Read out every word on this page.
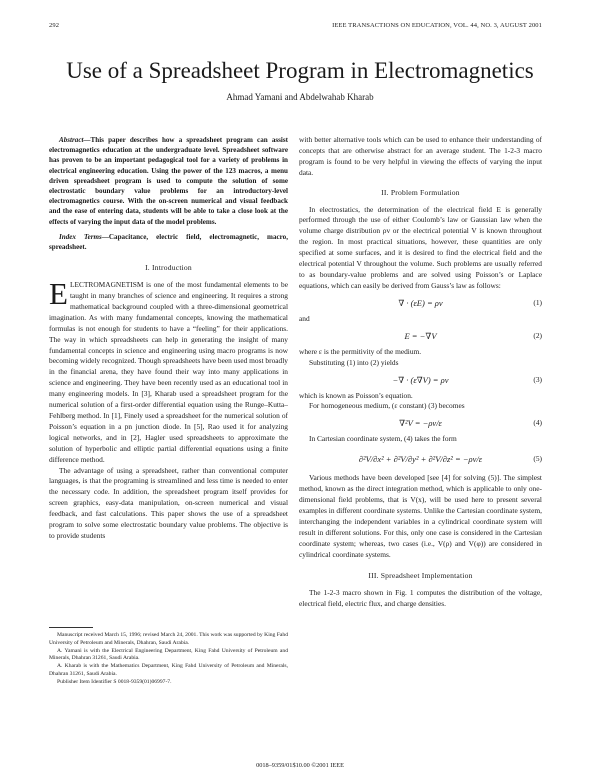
292	IEEE TRANSACTIONS ON EDUCATION, VOL. 44, NO. 3, AUGUST 2001
Use of a Spreadsheet Program in Electromagnetics
Ahmad Yamani and Abdelwahab Kharab

Abstract—This paper describes how a spreadsheet program can assist electromagnetics education at the undergraduate level. Spreadsheet software has proven to be an important pedagogical tool for a variety of problems in electrical engineering education. Using the power of the 123 macros, a menu driven spreadsheet program is used to compute the solution of some electrostatic boundary value problems for an introductory-level electromagnetics course. With the on-screen numerical and visual feedback and the ease of entering data, students will be able to take a close look at the effects of varying the input data of the model problems.

Index Terms—Capacitance, electric field, electromagnetic, macro, spreadsheet.

I. Introduction

ELECTROMAGNETISM is one of the most fundamental elements to be taught in many branches of science and engineering. It requires a strong mathematical background coupled with a three-dimensional geometrical imagination. As with many fundamental concepts, knowing the mathematical formulas is not enough for students to have a “feeling” for their applications. The way in which spreadsheets can help in generating the insight of many fundamental concepts in science and engineering using macro programs is now becoming widely recognized. Though spreadsheets have been used most broadly in the financial arena, they have found their way into many applications in science and engineering. They have been recently used as an educational tool in many engineering models. In [3], Kharab used a spreadsheet program for the numerical solution of a first-order differential equation using the Runge–Kutta–Fehlberg method. In [1], Finely used a spreadsheet for the numerical solution of Poisson’s equation in a pn junction diode. In [5], Rao used it for analyzing logical networks, and in [2], Hagler used spreadsheets to approximate the solution of hyperbolic and elliptic partial differential equations using a finite difference method.

The advantage of using a spreadsheet, rather than conventional computer languages, is that the programing is streamlined and less time is needed to enter the necessary code. In addition, the spreadsheet program itself provides for screen graphics, easy-data manipulation, on-screen numerical and visual feedback, and fast calculations. This paper shows the use of a spreadsheet program to solve some electrostatic boundary value problems. The objective is to provide students

Manuscript received March 15, 1996; revised March 24, 2001. This work was supported by King Fahd University of Petroleum and Minerals, Dhahran, Saudi Arabia.

A. Yamani is with the Electrical Engineering Department, King Fahd University of Petroleum and Minerals, Dhahran 31261, Saudi Arabia.

A. Kharab is with the Mathematics Department, King Fahd University of Petroleum and Minerals, Dhahran 31261, Saudi Arabia.

Publisher Item Identifier S 0018-9359(01)06997-7.

with better alternative tools which can be used to enhance their understanding of concepts that are otherwise abstract for an average student. The 1-2-3 macro program is found to be very helpful in viewing the effects of varying the input data.

II. Problem Formulation

In electrostatics, the determination of the electrical field E is generally performed through the use of either Coulomb’s law or Gaussian law when the volume charge distribution ρv or the electrical potential V is known throughout the region. In most practical situations, however, these quantities are only specified at some surfaces, and it is desired to find the electrical field and the electrical potential V throughout the volume. Such problems are usually referred to as boundary-value problems and are solved using Poisson’s or Laplace equations, which can easily be derived from Gauss’s law as follows:

∇ · (εE) = ρv	(1)

and

E = −∇V	(2)

where ε is the permitivity of the medium.

Substituting (1) into (2) yields

−∇ · (ε∇V) = ρv	(3)

which is known as Poisson’s equation.

For homogeneous medium, (ε constant) (3) becomes

∇²V = −ρv/ε	(4)

In Cartesian coordinate system, (4) takes the form

∂²V/∂x² + ∂²V/∂y² + ∂²V/∂z² = −ρv/ε	(5)

Various methods have been developed [see [4] for solving (5)]. The simplest method, known as the direct integration method, which is applicable to only one-dimensional field problems, that is V(x), will be used here to present several examples in different coordinate systems. Unlike the Cartesian coordinate system, interchanging the independent variables in a cylindrical coordinate system will result in different solutions. For this, only one case is considered in the Cartesian coordinate system; whereas, two cases (i.e., V(ρ) and V(φ)) are considered in cylindrical coordinate systems.

III. Spreadsheet Implementation

The 1-2-3 macro shown in Fig. 1 computes the distribution of the voltage, electrical field, electric flux, and charge densities.

0018–9359/01$10.00 ©2001 IEEE
